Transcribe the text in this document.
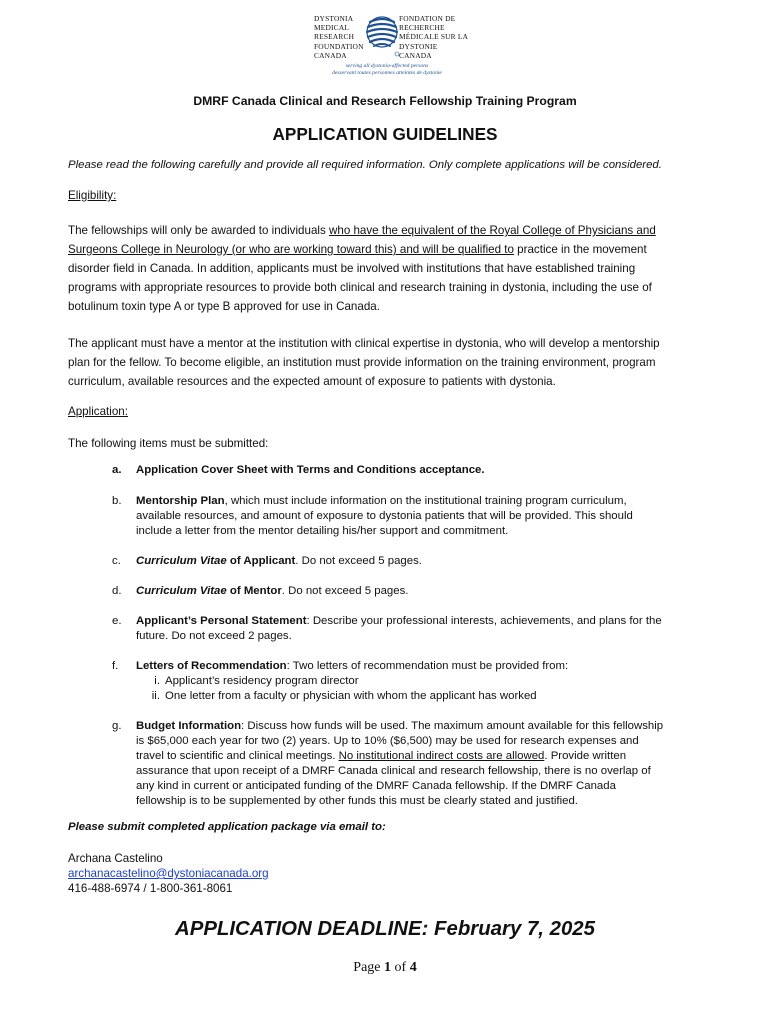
DYSTONIA
MEDICAL
RESEARCH
FOUNDATION
CANADA
FONDATION DE
RECHERCHE
MÉDICALE SUR LA
DYSTONIE
CANADA
serving all dystonia-affected persons
desservant toutes personnes atteintes de dystonie
DMRF Canada Clinical and Research Fellowship Training Program
APPLICATION GUIDELINES
Please read the following carefully and provide all required information. Only complete applications will be considered.
Eligibility:
The fellowships will only be awarded to individuals who have the equivalent of the Royal College of Physicians and
Surgeons College in Neurology (or who are working toward this) and will be qualified to practice in the movement
disorder field in Canada. In addition, applicants must be involved with institutions that have established training
programs with appropriate resources to provide both clinical and research training in dystonia, including the use of
botulinum toxin type A or type B approved for use in Canada.
The applicant must have a mentor at the institution with clinical expertise in dystonia, who will develop a mentorship
plan for the fellow. To become eligible, an institution must provide information on the training environment, program
curriculum, available resources and the expected amount of exposure to patients with dystonia.
Application:
The following items must be submitted:
a. Application Cover Sheet with Terms and Conditions acceptance.
b. Mentorship Plan, which must include information on the institutional training program curriculum,
available resources, and amount of exposure to dystonia patients that will be provided. This should
include a letter from the mentor detailing his/her support and commitment.
c. Curriculum Vitae of Applicant. Do not exceed 5 pages.
d. Curriculum Vitae of Mentor. Do not exceed 5 pages.
e. Applicant’s Personal Statement: Describe your professional interests, achievements, and plans for the
future. Do not exceed 2 pages.
f. Letters of Recommendation: Two letters of recommendation must be provided from:
i. Applicant’s residency program director
ii. One letter from a faculty or physician with whom the applicant has worked
g. Budget Information: Discuss how funds will be used. The maximum amount available for this fellowship
is $65,000 each year for two (2) years. Up to 10% ($6,500) may be used for research expenses and
travel to scientific and clinical meetings. No institutional indirect costs are allowed. Provide written
assurance that upon receipt of a DMRF Canada clinical and research fellowship, there is no overlap of
any kind in current or anticipated funding of the DMRF Canada fellowship. If the DMRF Canada
fellowship is to be supplemented by other funds this must be clearly stated and justified.
Please submit completed application package via email to:
Archana Castelino
archanacastelino@dystoniacanada.org
416-488-6974 / 1-800-361-8061
APPLICATION DEADLINE: February 7, 2025
Page 1 of 4
